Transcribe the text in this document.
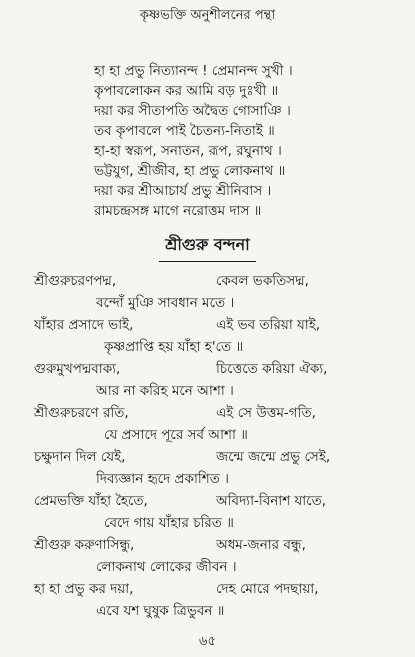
কৃষ্ণভক্তি অনুশীলনের পন্থা
হা হা প্রভু নিত্যানন্দ ! প্রেমানন্দ সুখী ।
কৃপাবলোকন কর আমি বড় দুঃখী ॥
দয়া কর সীতাপতি অদ্বৈত গোসাঞি ।
তব কৃপাবলে পাই চৈতন্য-নিতাই ॥
হা-হা স্বরূপ, সনাতন, রূপ, রঘুনাথ ।
ভট্টযুগ, শ্রীজীব, হা প্রভু লোকনাথ ॥
দয়া কর শ্রীআচার্য প্রভু শ্রীনিবাস ।
রামচন্দ্রসঙ্গ মাগে নরোত্তম দাস ॥
শ্রীগুরু বন্দনা
শ্রীগুরুচরণপদ্ম,	কেবল ভকতিসদ্ম,
বন্দোঁ মুঞি সাবধান মতে ।
যাঁহার প্রসাদে ভাই,	এই ভব তরিয়া যাই,
কৃষ্ণপ্রাপ্তি হয় যাঁহা হ'তে ॥
গুরুমুখপদ্মবাক্য,	চিত্তেতে করিয়া ঐক্য,
আর না করিহ মনে আশা ।
শ্রীগুরুচরণে রতি,	এই সে উত্তম-গতি,
যে প্রসাদে পূরে সর্ব আশা ॥
চক্ষুদান দিল যেই,	জন্মে জন্মে প্রভু সেই,
দিব্যজ্ঞান হৃদে প্রকাশিত ।
প্রেমভক্তি যাঁহা হৈতে,	অবিদ্যা-বিনাশ যাতে,
বেদে গায় যাঁহার চরিত ॥
শ্রীগুরু করুণাসিন্ধু,	অধম-জনার বন্ধু,
লোকনাথ লোকের জীবন ।
হা হা প্রভু কর দয়া,	দেহ মোরে পদছায়া,
এবে যশ ঘুষুক ত্রিভুবন ॥
৬৫
